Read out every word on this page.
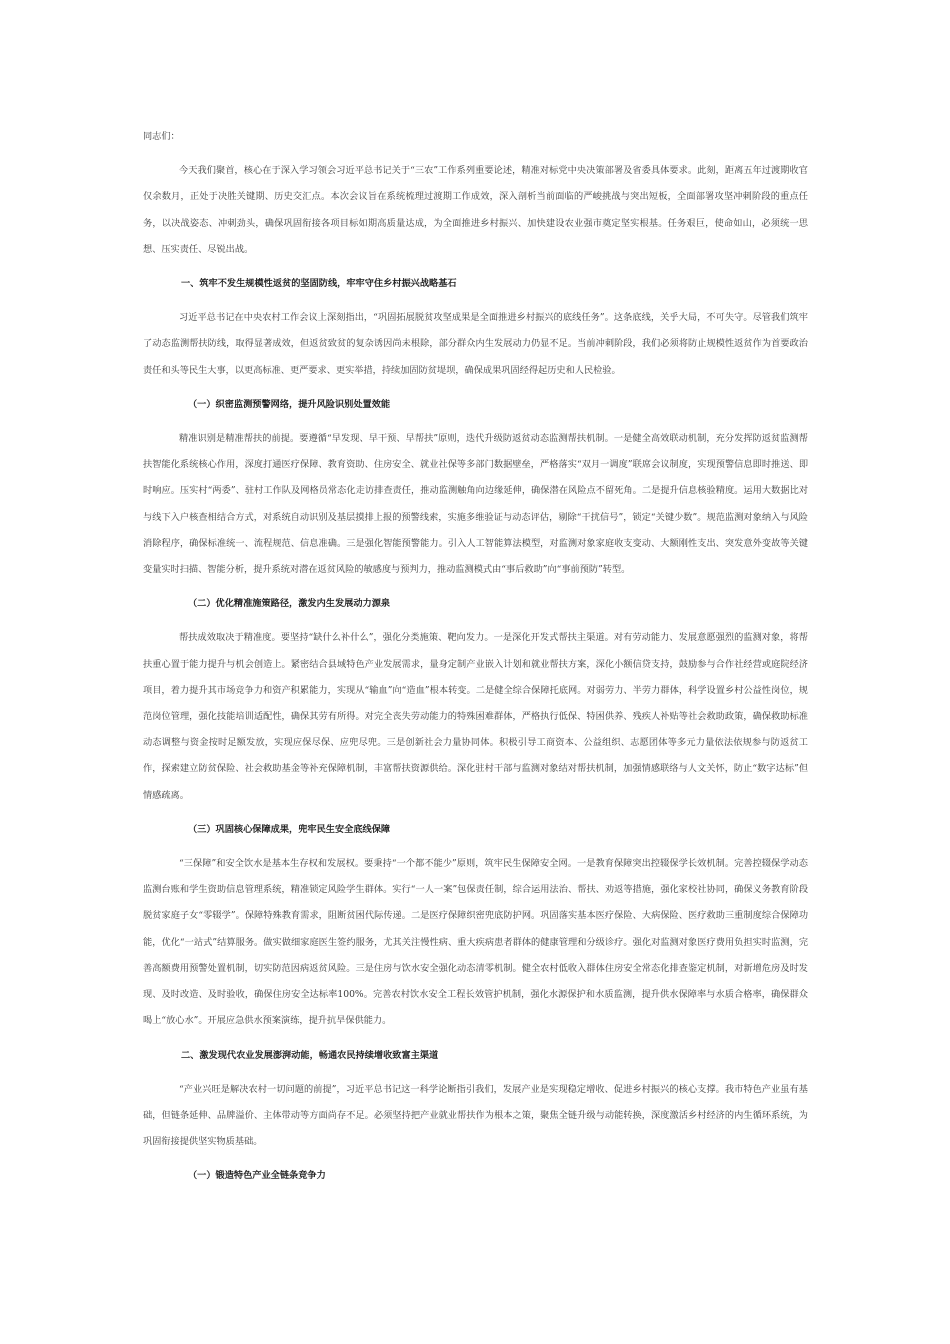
同志们：

今天我们聚首，核心在于深入学习领会习近平总书记关于“三农”工作系列重要论述，精准对标党中央决策部署及省委具体要求。此刻，距离五年过渡期收官仅余数月，正处于决胜关键期、历史交汇点。本次会议旨在系统梳理过渡期工作成效，深入剖析当前面临的严峻挑战与突出短板，全面部署攻坚冲刺阶段的重点任务，以决战姿态、冲刺劲头，确保巩固衔接各项目标如期高质量达成，为全面推进乡村振兴、加快建设农业强市奠定坚实根基。任务艰巨，使命如山，必须统一思想、压实责任、尽锐出战。

一、筑牢不发生规模性返贫的坚固防线，牢牢守住乡村振兴战略基石

习近平总书记在中央农村工作会议上深刻指出，“巩固拓展脱贫攻坚成果是全面推进乡村振兴的底线任务”。这条底线，关乎大局，不可失守。尽管我们筑牢了动态监测帮扶防线，取得显著成效，但返贫致贫的复杂诱因尚未根除，部分群众内生发展动力仍显不足。当前冲刺阶段，我们必须将防止规模性返贫作为首要政治责任和头等民生大事，以更高标准、更严要求、更实举措，持续加固防贫堤坝，确保成果巩固经得起历史和人民检验。

（一）织密监测预警网络，提升风险识别处置效能

精准识别是精准帮扶的前提。要遵循“早发现、早干预、早帮扶”原则，迭代升级防返贫动态监测帮扶机制。一是健全高效联动机制，充分发挥防返贫监测帮扶智能化系统核心作用，深度打通医疗保障、教育资助、住房安全、就业社保等多部门数据壁垒，严格落实“双月一调度”联席会议制度，实现预警信息即时推送、即时响应。压实村“两委”、驻村工作队及网格员常态化走访排查责任，推动监测触角向边缘延伸，确保潜在风险点不留死角。二是提升信息核验精度。运用大数据比对与线下入户核查相结合方式，对系统自动识别及基层摸排上报的预警线索，实施多维验证与动态评估，剔除“干扰信号”，锁定“关键少数”。规范监测对象纳入与风险消除程序，确保标准统一、流程规范、信息准确。三是强化智能预警能力。引入人工智能算法模型，对监测对象家庭收支变动、大额刚性支出、突发意外变故等关键变量实时扫描、智能分析，提升系统对潜在返贫风险的敏感度与预判力，推动监测模式由“事后救助”向“事前预防”转型。

（二）优化精准施策路径，激发内生发展动力源泉

帮扶成效取决于精准度。要坚持“缺什么补什么”，强化分类施策、靶向发力。一是深化开发式帮扶主渠道。对有劳动能力、发展意愿强烈的监测对象，将帮扶重心置于能力提升与机会创造上。紧密结合县域特色产业发展需求，量身定制产业嵌入计划和就业帮扶方案，深化小额信贷支持，鼓励参与合作社经营或庭院经济项目，着力提升其市场竞争力和资产积累能力，实现从“输血”向“造血”根本转变。二是健全综合保障托底网。对弱劳力、半劳力群体，科学设置乡村公益性岗位，规范岗位管理，强化技能培训适配性，确保其劳有所得。对完全丧失劳动能力的特殊困难群体，严格执行低保、特困供养、残疾人补贴等社会救助政策，确保救助标准动态调整与资金按时足额发放，实现应保尽保、应兜尽兜。三是创新社会力量协同体。积极引导工商资本、公益组织、志愿团体等多元力量依法依规参与防返贫工作，探索建立防贫保险、社会救助基金等补充保障机制，丰富帮扶资源供给。深化驻村干部与监测对象结对帮扶机制，加强情感联络与人文关怀，防止“数字达标”但情感疏离。

（三）巩固核心保障成果，兜牢民生安全底线保障

“三保障”和安全饮水是基本生存权和发展权。要秉持“一个都不能少”原则，筑牢民生保障安全网。一是教育保障突出控辍保学长效机制。完善控辍保学动态监测台账和学生资助信息管理系统，精准锁定风险学生群体。实行“一人一案”包保责任制，综合运用法治、帮扶、劝返等措施，强化家校社协同，确保义务教育阶段脱贫家庭子女“零辍学”。保障特殊教育需求，阻断贫困代际传递。二是医疗保障织密兜底防护网。巩固落实基本医疗保险、大病保险、医疗救助三重制度综合保障功能，优化“一站式”结算服务。做实做细家庭医生签约服务，尤其关注慢性病、重大疾病患者群体的健康管理和分级诊疗。强化对监测对象医疗费用负担实时监测，完善高额费用预警处置机制，切实防范因病返贫风险。三是住房与饮水安全强化动态清零机制。健全农村低收入群体住房安全常态化排查鉴定机制，对新增危房及时发现、及时改造、及时验收，确保住房安全达标率100%。完善农村饮水安全工程长效管护机制，强化水源保护和水质监测，提升供水保障率与水质合格率，确保群众喝上“放心水”。开展应急供水预案演练，提升抗旱保供能力。

二、激发现代农业发展澎湃动能，畅通农民持续增收致富主渠道

“产业兴旺是解决农村一切问题的前提”，习近平总书记这一科学论断指引我们，发展产业是实现稳定增收、促进乡村振兴的核心支撑。我市特色产业虽有基础，但链条延伸、品牌溢价、主体带动等方面尚存不足。必须坚持把产业就业帮扶作为根本之策，聚焦全链升级与动能转换，深度激活乡村经济的内生循环系统，为巩固衔接提供坚实物质基础。

（一）锻造特色产业全链条竞争力
